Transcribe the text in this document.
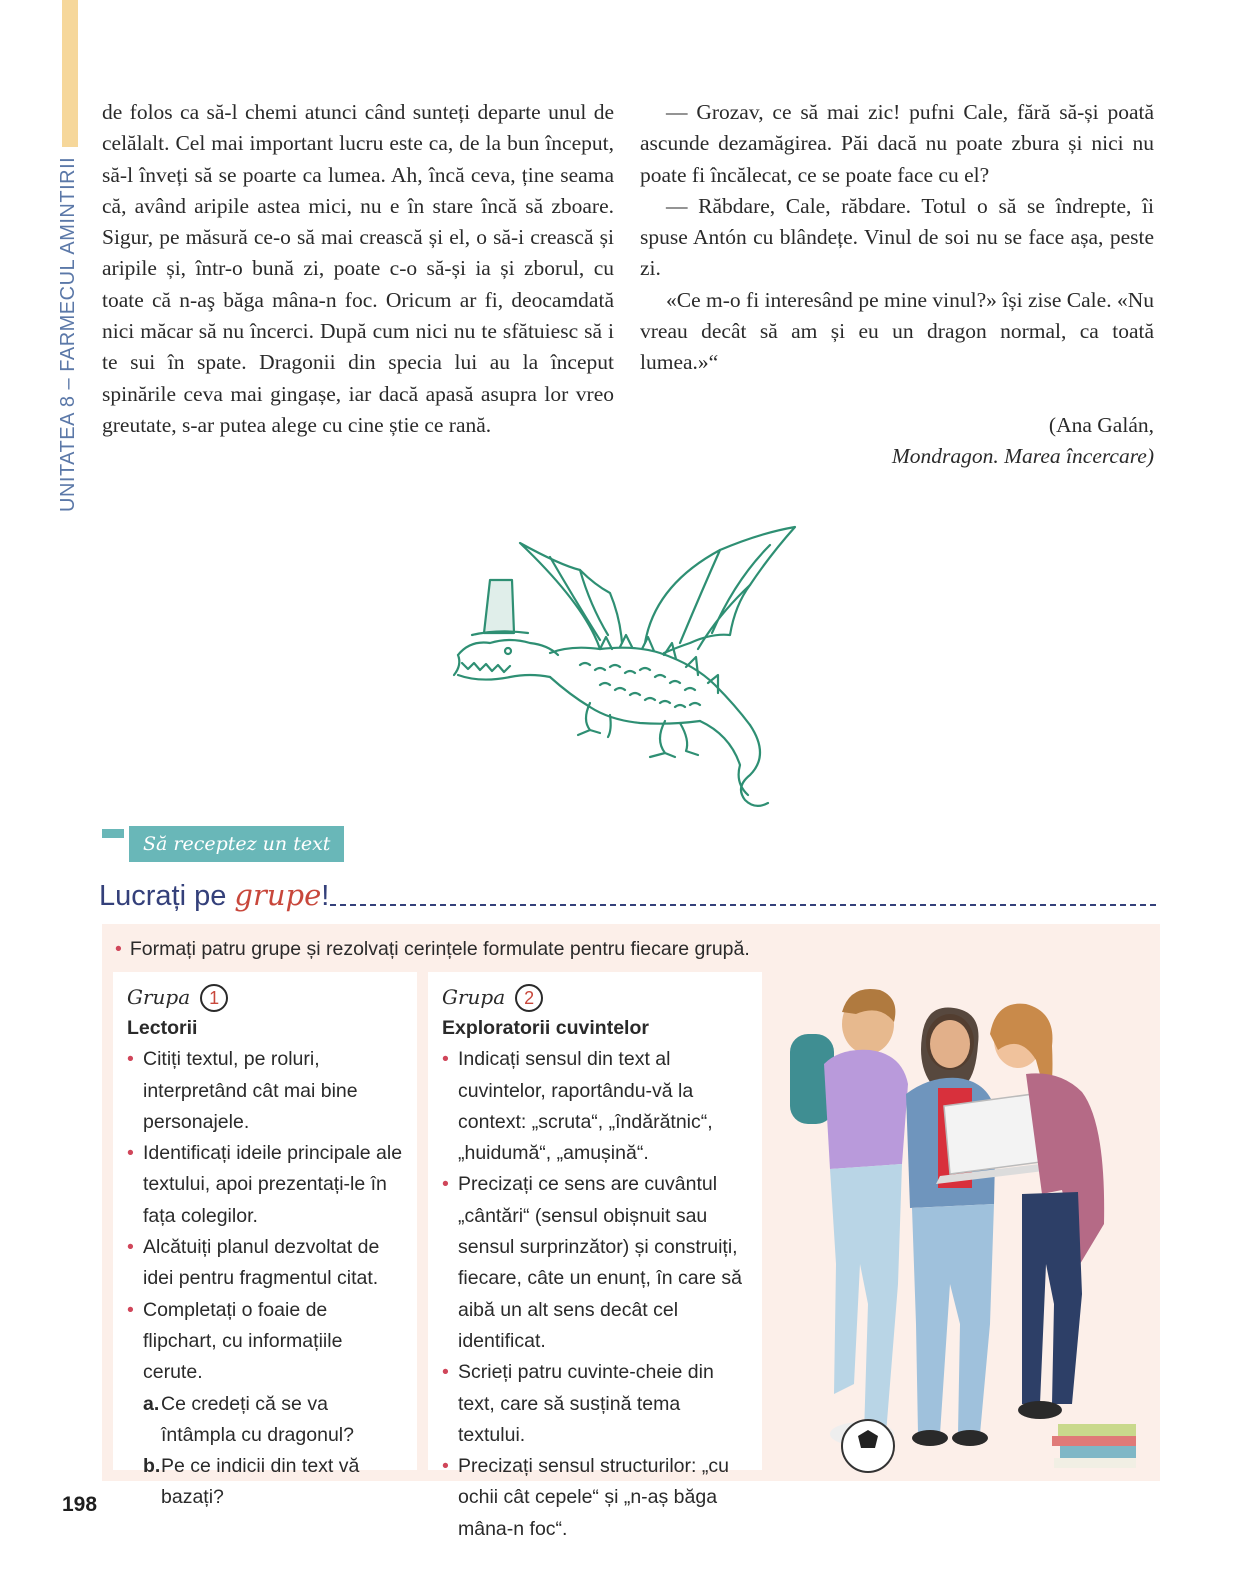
UNITATEA 8 – FARMECUL AMINTIRII

de folos ca să-l chemi atunci când sunteți departe unul de celălalt. Cel mai important lucru este ca, de la bun început, să-l înveți să se poarte ca lumea. Ah, încă ceva, ține seama că, având aripile astea mici, nu e în stare încă să zboare. Sigur, pe măsură ce-o să mai crească și el, o să-i crească și aripile și, într-o bună zi, poate c-o să-și ia și zborul, cu toate că n-aş băga mâna-n foc. Oricum ar fi, deocamdată nici măcar să nu încerci. După cum nici nu te sfătuiesc să i te sui în spate. Dragonii din specia lui au la început spinările ceva mai gingașe, iar dacă apasă asupra lor vreo greutate, s-ar putea alege cu cine știe ce rană.

— Grozav, ce să mai zic! pufni Cale, fără să-și poată ascunde dezamăgirea. Păi dacă nu poate zbura și nici nu poate fi încălecat, ce se poate face cu el?

— Răbdare, Cale, răbdare. Totul o să se îndrepte, îi spuse Antón cu blândețe. Vinul de soi nu se face așa, peste zi.

«Ce m-o fi interesând pe mine vinul?» își zise Cale. «Nu vreau decât să am și eu un dragon normal, ca toată lumea.»“

(Ana Galán,
Mondragon. Marea încercare)

Să receptez un text
Lucrați pe grupe!
• Formați patru grupe și rezolvați cerințele formulate pentru fiecare grupă.
Grupa	1
Lectorii
• Citiți textul, pe roluri, interpretând cât mai bine personajele.
• Identificați ideile principale ale textului, apoi prezentați-le în fața colegilor.
• Alcătuiți planul dezvoltat de idei pentru fragmentul citat.
• Completați o foaie de flipchart, cu informațiile cerute.
a. Ce credeți că se va întâmpla cu dragonul?
b. Pe ce indicii din text vă bazați?
Grupa	2
Exploratorii cuvintelor
• Indicați sensul din text al cuvintelor, raportându-vă la context: „scruta“, „îndărătnic“, „huidumă“, „amușină“.
• Precizați ce sens are cuvântul „cântări“ (sensul obișnuit sau sensul surprinzător) și construiți, fiecare, câte un enunț, în care să aibă un alt sens decât cel identificat.
• Scrieți patru cuvinte-cheie din text, care să susțină tema textului.
• Precizați sensul structurilor: „cu ochii cât cepele“ și „n-aș băga mâna-n foc“.
198
